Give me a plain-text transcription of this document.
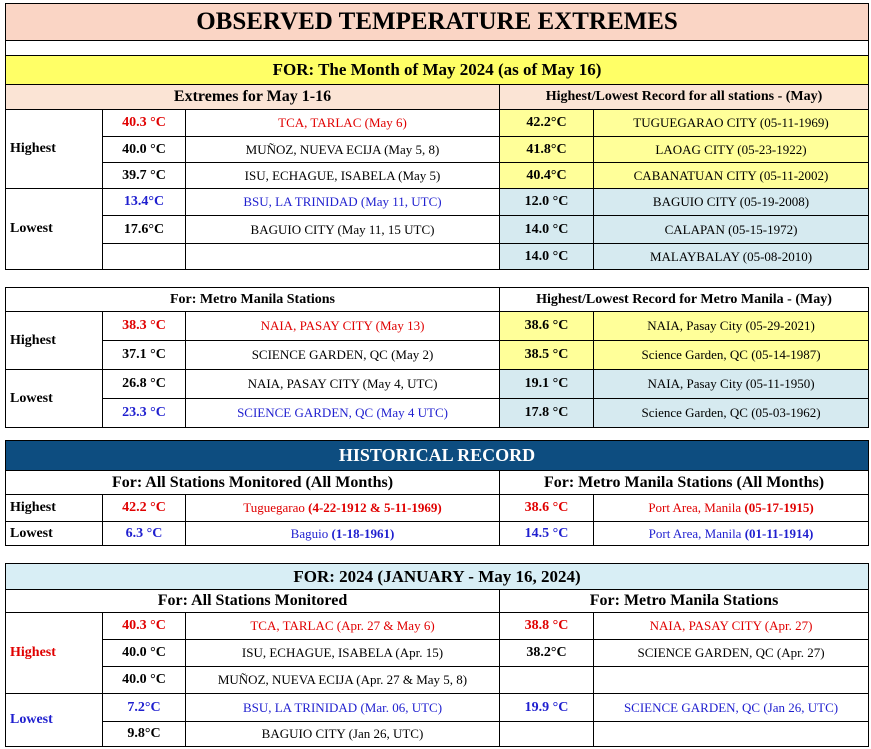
OBSERVED TEMPERATURE EXTREMES				

FOR: The Month of May 2024 (as of May 16)				
Extremes for May 1-16			Highest/Lowest Record for all stations - (May)	
Highest	40.3 °C	TCA, TARLAC (May 6)	42.2°C	TUGUEGARAO CITY (05-11-1969)
	40.0 °C	MUÑOZ, NUEVA ECIJA (May 5, 8)	41.8°C	LAOAG CITY (05-23-1922)
	39.7 °C	ISU, ECHAGUE, ISABELA (May 5)	40.4°C	CABANATUAN CITY (05-11-2002)
Lowest	13.4°C	BSU, LA TRINIDAD (May 11, UTC)	12.0 °C	BAGUIO CITY (05-19-2008)
	17.6°C	BAGUIO CITY (May 11, 15 UTC)	14.0 °C	CALAPAN (05-15-1972)
			14.0 °C	MALAYBALAY (05-08-2010)
For: Metro Manila Stations			Highest/Lowest Record for Metro Manila - (May)	
Highest	38.3 °C	NAIA, PASAY CITY (May 13)	38.6 °C	NAIA, Pasay City (05-29-2021)
	37.1 °C	SCIENCE GARDEN, QC (May 2)	38.5 °C	Science Garden, QC (05-14-1987)
Lowest	26.8 °C	NAIA, PASAY CITY (May 4, UTC)	19.1 °C	NAIA, Pasay City (05-11-1950)
	23.3 °C	SCIENCE GARDEN, QC (May 4 UTC)	17.8 °C	Science Garden, QC (05-03-1962)
HISTORICAL RECORD				
For: All Stations Monitored (All Months)			For: Metro Manila Stations (All Months)	
Highest	42.2 °C	Tuguegarao (4-22-1912 & 5-11-1969)	38.6 °C	Port Area, Manila (05-17-1915)
Lowest	6.3 °C	Baguio (1-18-1961)	14.5 °C	Port Area, Manila (01-11-1914)
FOR: 2024 (JANUARY - May 16, 2024)				
For: All Stations Monitored			For: Metro Manila Stations	
Highest	40.3 °C	TCA, TARLAC (Apr. 27 & May 6)	38.8 °C	NAIA, PASAY CITY (Apr. 27)
	40.0 °C	ISU, ECHAGUE, ISABELA (Apr. 15)	38.2°C	SCIENCE GARDEN, QC (Apr. 27)
	40.0 °C	MUÑOZ, NUEVA ECIJA (Apr. 27 & May 5, 8)		
Lowest	7.2°C	BSU, LA TRINIDAD (Mar. 06, UTC)	19.9 °C	SCIENCE GARDEN, QC (Jan 26, UTC)
	9.8°C	BAGUIO CITY (Jan 26, UTC)		
